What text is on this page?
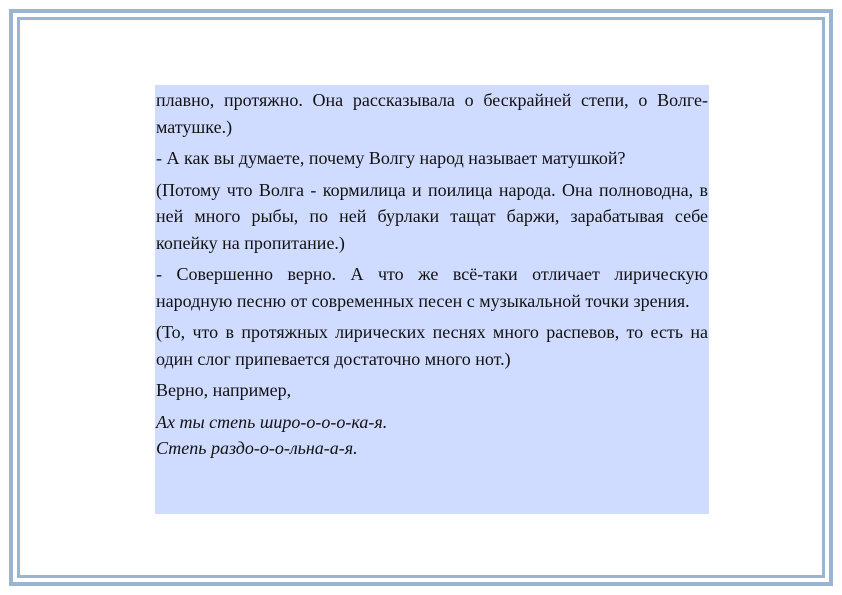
плавно, протяжно. Она рассказывала о бескрайней степи, о Волге-матушке.)

- А как вы думаете, почему Волгу народ называет матушкой?

(Потому что Волга - кормилица и поилица народа. Она полноводна, в ней много рыбы, по ней бурлаки тащат баржи, зарабатывая себе копейку на пропитание.)

- Совершенно верно. А что же всё-таки отличает лирическую народную песню от современных песен с музыкальной точки зрения.

(То, что в протяжных лирических песнях много распевов, то есть на один слог припевается достаточно много нот.)

Верно, например,

Ах ты степь широ-о-о-о-ка-я.
Степь раздо-о-о-льна-а-я.
